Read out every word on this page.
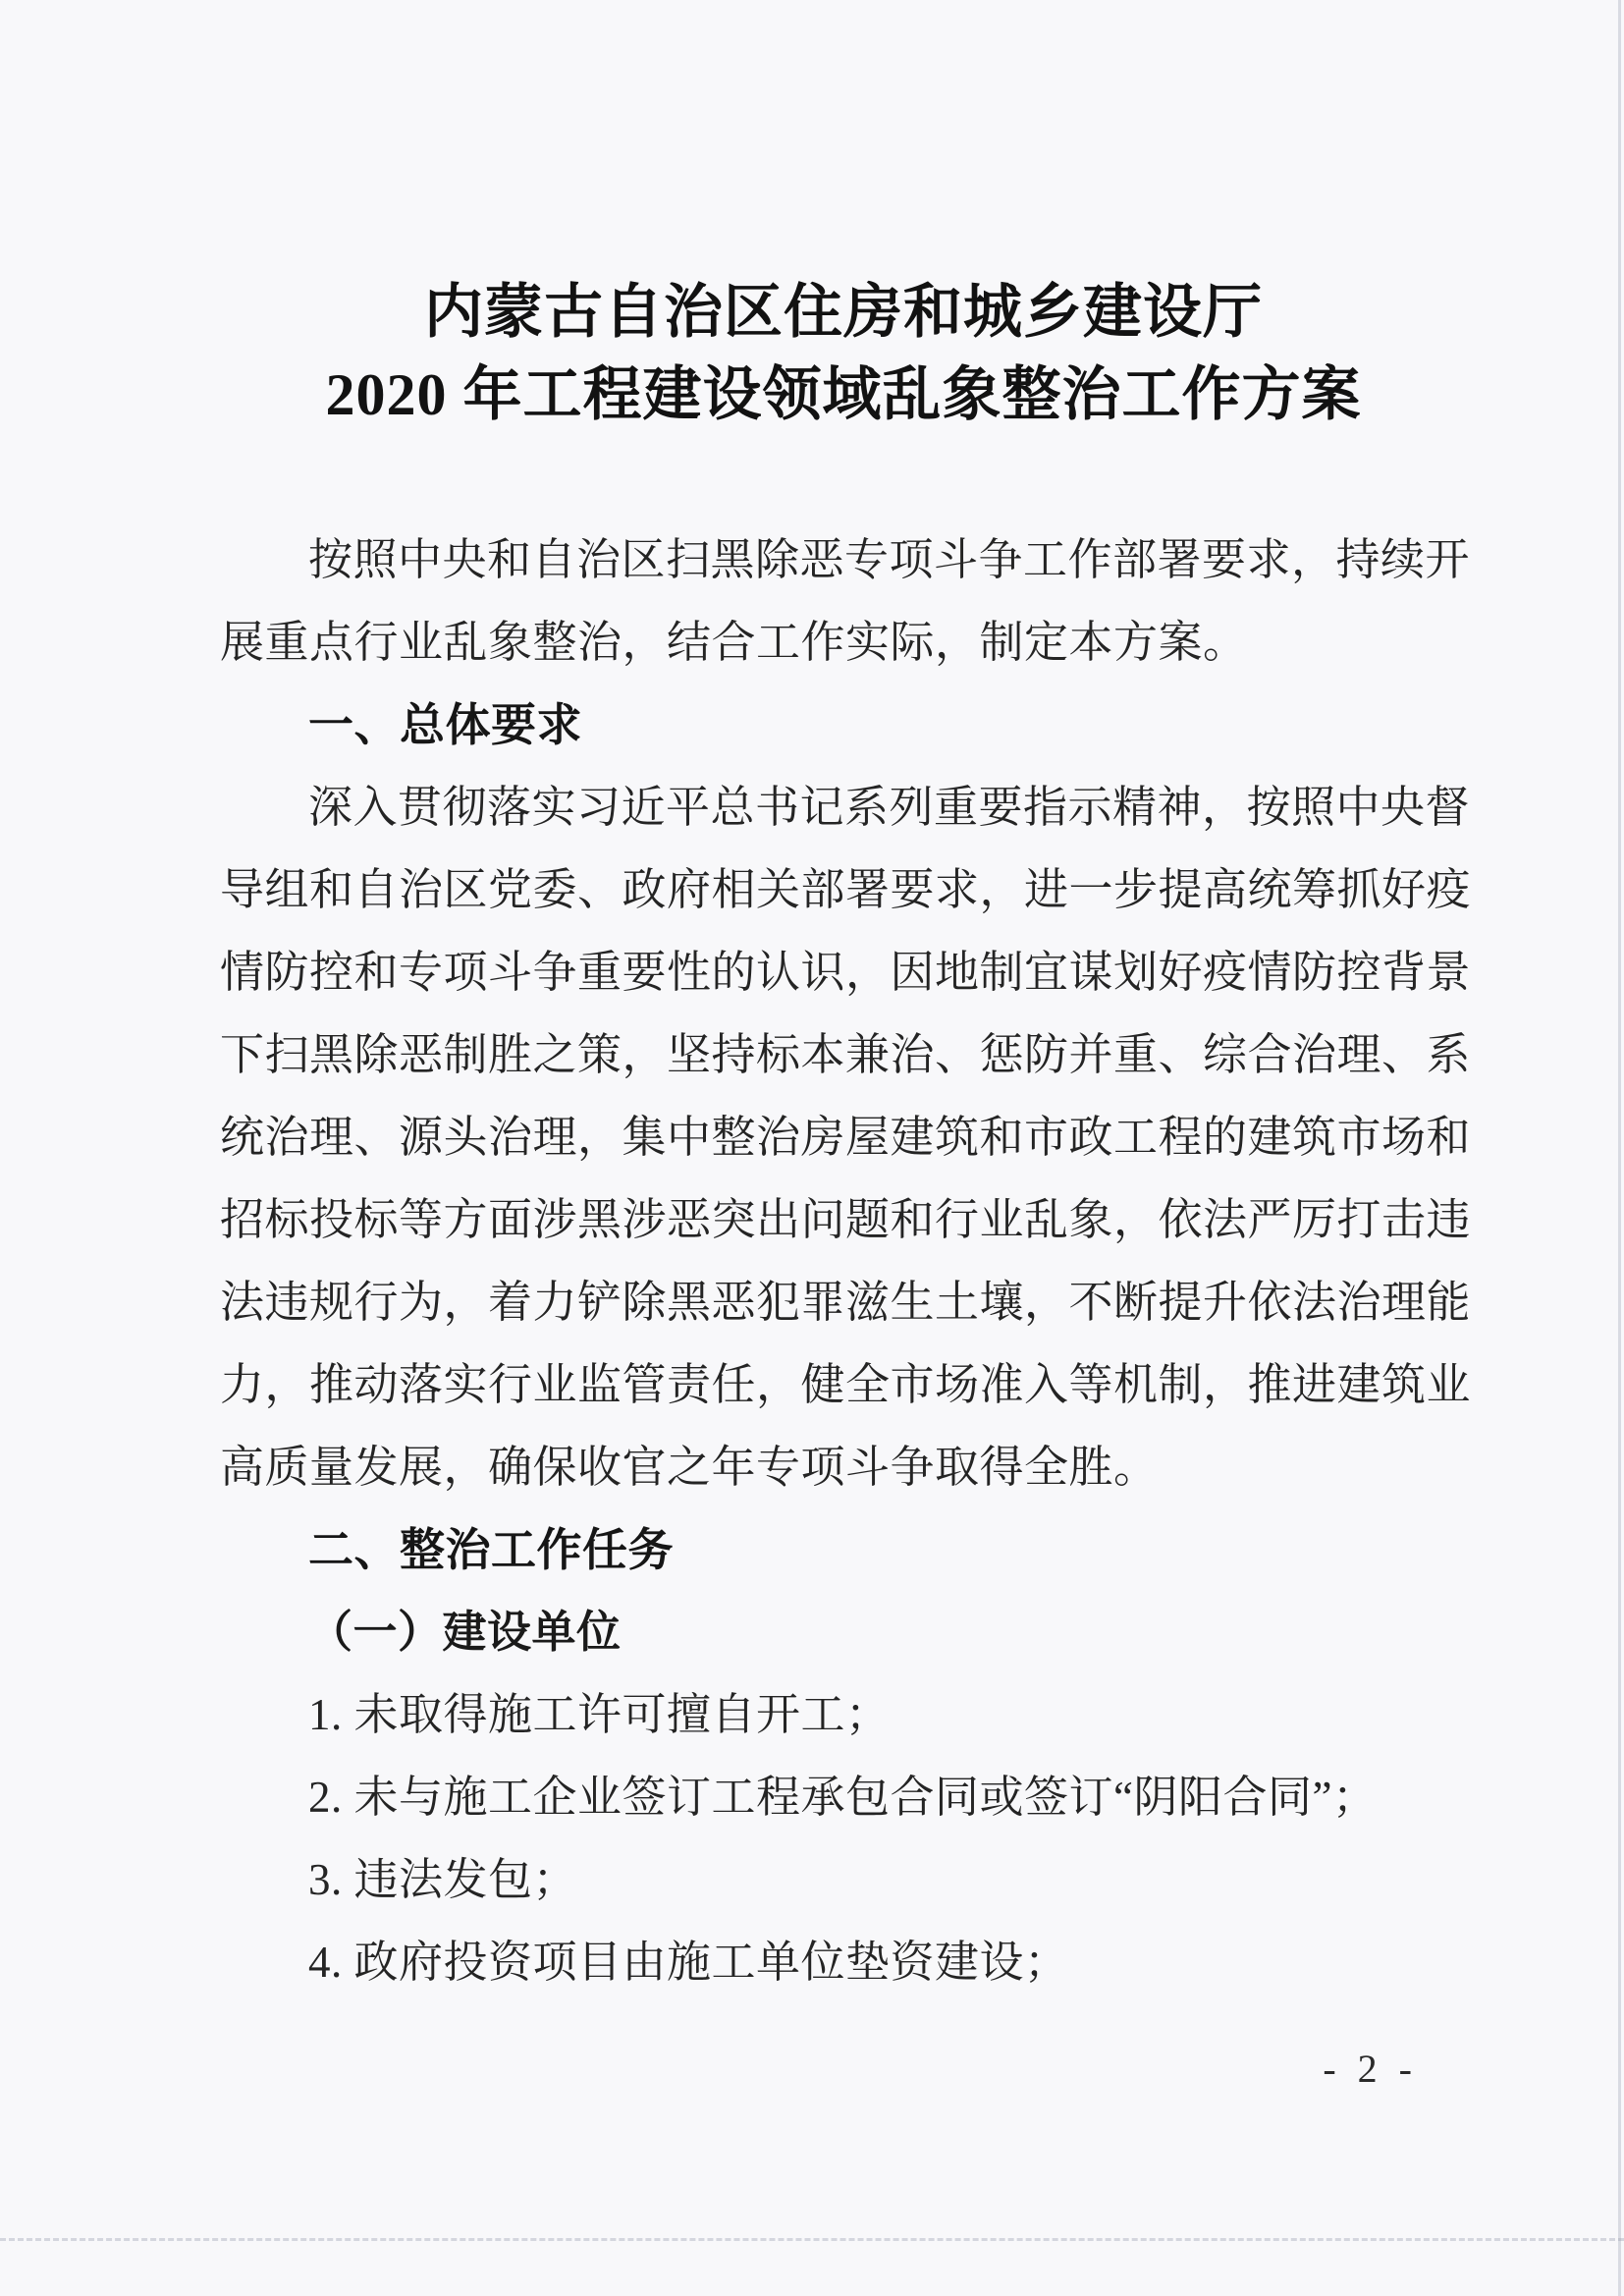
内蒙古自治区住房和城乡建设厅
2020 年工程建设领域乱象整治工作方案
按照中央和自治区扫黑除恶专项斗争工作部署要求，持续开
展重点行业乱象整治，结合工作实际，制定本方案。
一、总体要求
深入贯彻落实习近平总书记系列重要指示精神，按照中央督
导组和自治区党委、政府相关部署要求，进一步提高统筹抓好疫
情防控和专项斗争重要性的认识，因地制宜谋划好疫情防控背景
下扫黑除恶制胜之策，坚持标本兼治、惩防并重、综合治理、系
统治理、源头治理，集中整治房屋建筑和市政工程的建筑市场和
招标投标等方面涉黑涉恶突出问题和行业乱象，依法严厉打击违
法违规行为，着力铲除黑恶犯罪滋生土壤，不断提升依法治理能
力，推动落实行业监管责任，健全市场准入等机制，推进建筑业
高质量发展，确保收官之年专项斗争取得全胜。
二、整治工作任务
（一）建设单位
1. 未取得施工许可擅自开工；
2. 未与施工企业签订工程承包合同或签订“阴阳合同”；
3. 违法发包；
4. 政府投资项目由施工单位垫资建设；
- 2 -
